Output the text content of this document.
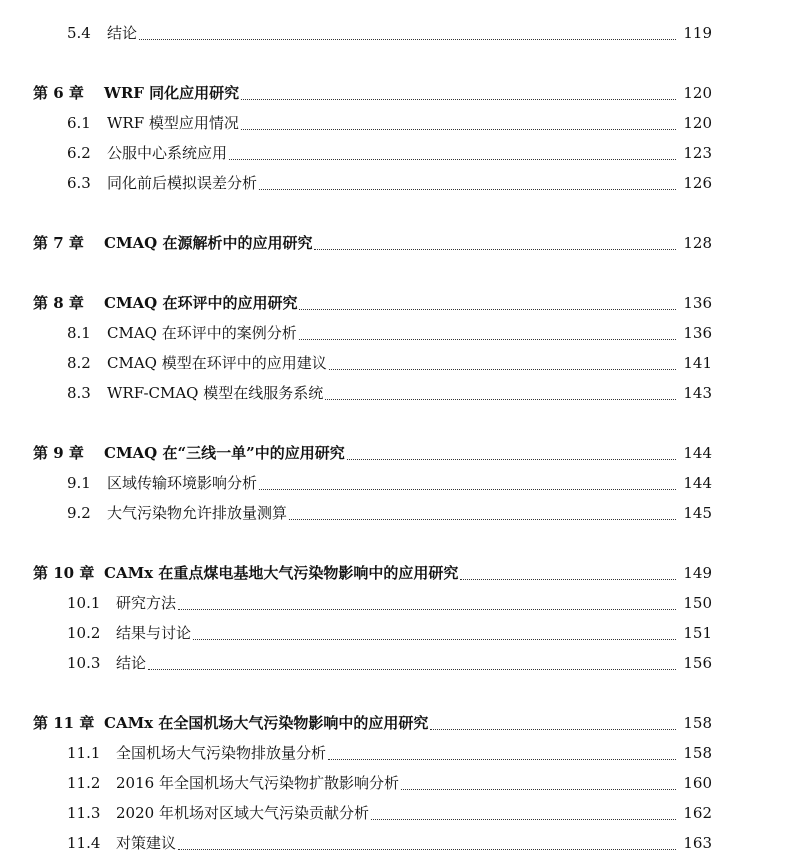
5.4	结论	119
第 6 章	WRF 同化应用研究	120
6.1	WRF 模型应用情况	120
6.2	公服中心系统应用	123
6.3	同化前后模拟误差分析	126
第 7 章	CMAQ 在源解析中的应用研究	128
第 8 章	CMAQ 在环评中的应用研究	136
8.1	CMAQ 在环评中的案例分析	136
8.2	CMAQ 模型在环评中的应用建议	141
8.3	WRF-CMAQ 模型在线服务系统	143
第 9 章	CMAQ 在“三线一单”中的应用研究	144
9.1	区域传输环境影响分析	144
9.2	大气污染物允许排放量测算	145
第 10 章 CAMx 在重点煤电基地大气污染物影响中的应用研究	149
10.1	研究方法	150
10.2	结果与讨论	151
10.3	结论	156
第 11 章 CAMx 在全国机场大气污染物影响中的应用研究	158
11.1	全国机场大气污染物排放量分析	158
11.2	2016 年全国机场大气污染物扩散影响分析	160
11.3	2020 年机场对区域大气污染贡献分析	162
11.4	对策建议	163
